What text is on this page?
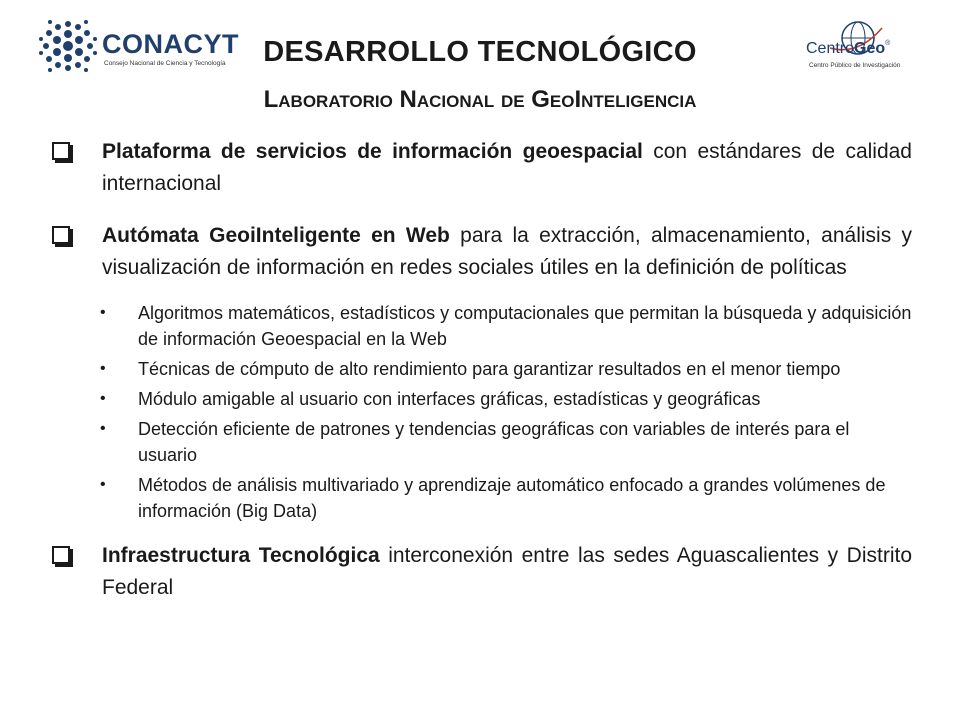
CONACYT
Consejo Nacional de Ciencia y Tecnología
CentroGeo®
Centro Público de Investigación
DESARROLLO TECNOLÓGICO
Laboratorio Nacional de GeoInteligencia
Plataforma de servicios de información geoespacial con estándares de calidad internacional
Autómata GeoiInteligente en Web para la extracción, almacenamiento, análisis y visualización de información en redes sociales útiles en la definición de políticas
•	Algoritmos matemáticos, estadísticos y computacionales que permitan la búsqueda y adquisición de información Geoespacial en la Web
•	Técnicas de cómputo de alto rendimiento para garantizar resultados en el menor tiempo
•	Módulo amigable al usuario con interfaces gráficas, estadísticas y geográficas
•	Detección eficiente de patrones y tendencias geográficas con variables de interés para el usuario
•	Métodos de análisis multivariado y aprendizaje automático enfocado a grandes volúmenes de información (Big Data)
Infraestructura Tecnológica interconexión entre las sedes Aguascalientes y Distrito Federal
